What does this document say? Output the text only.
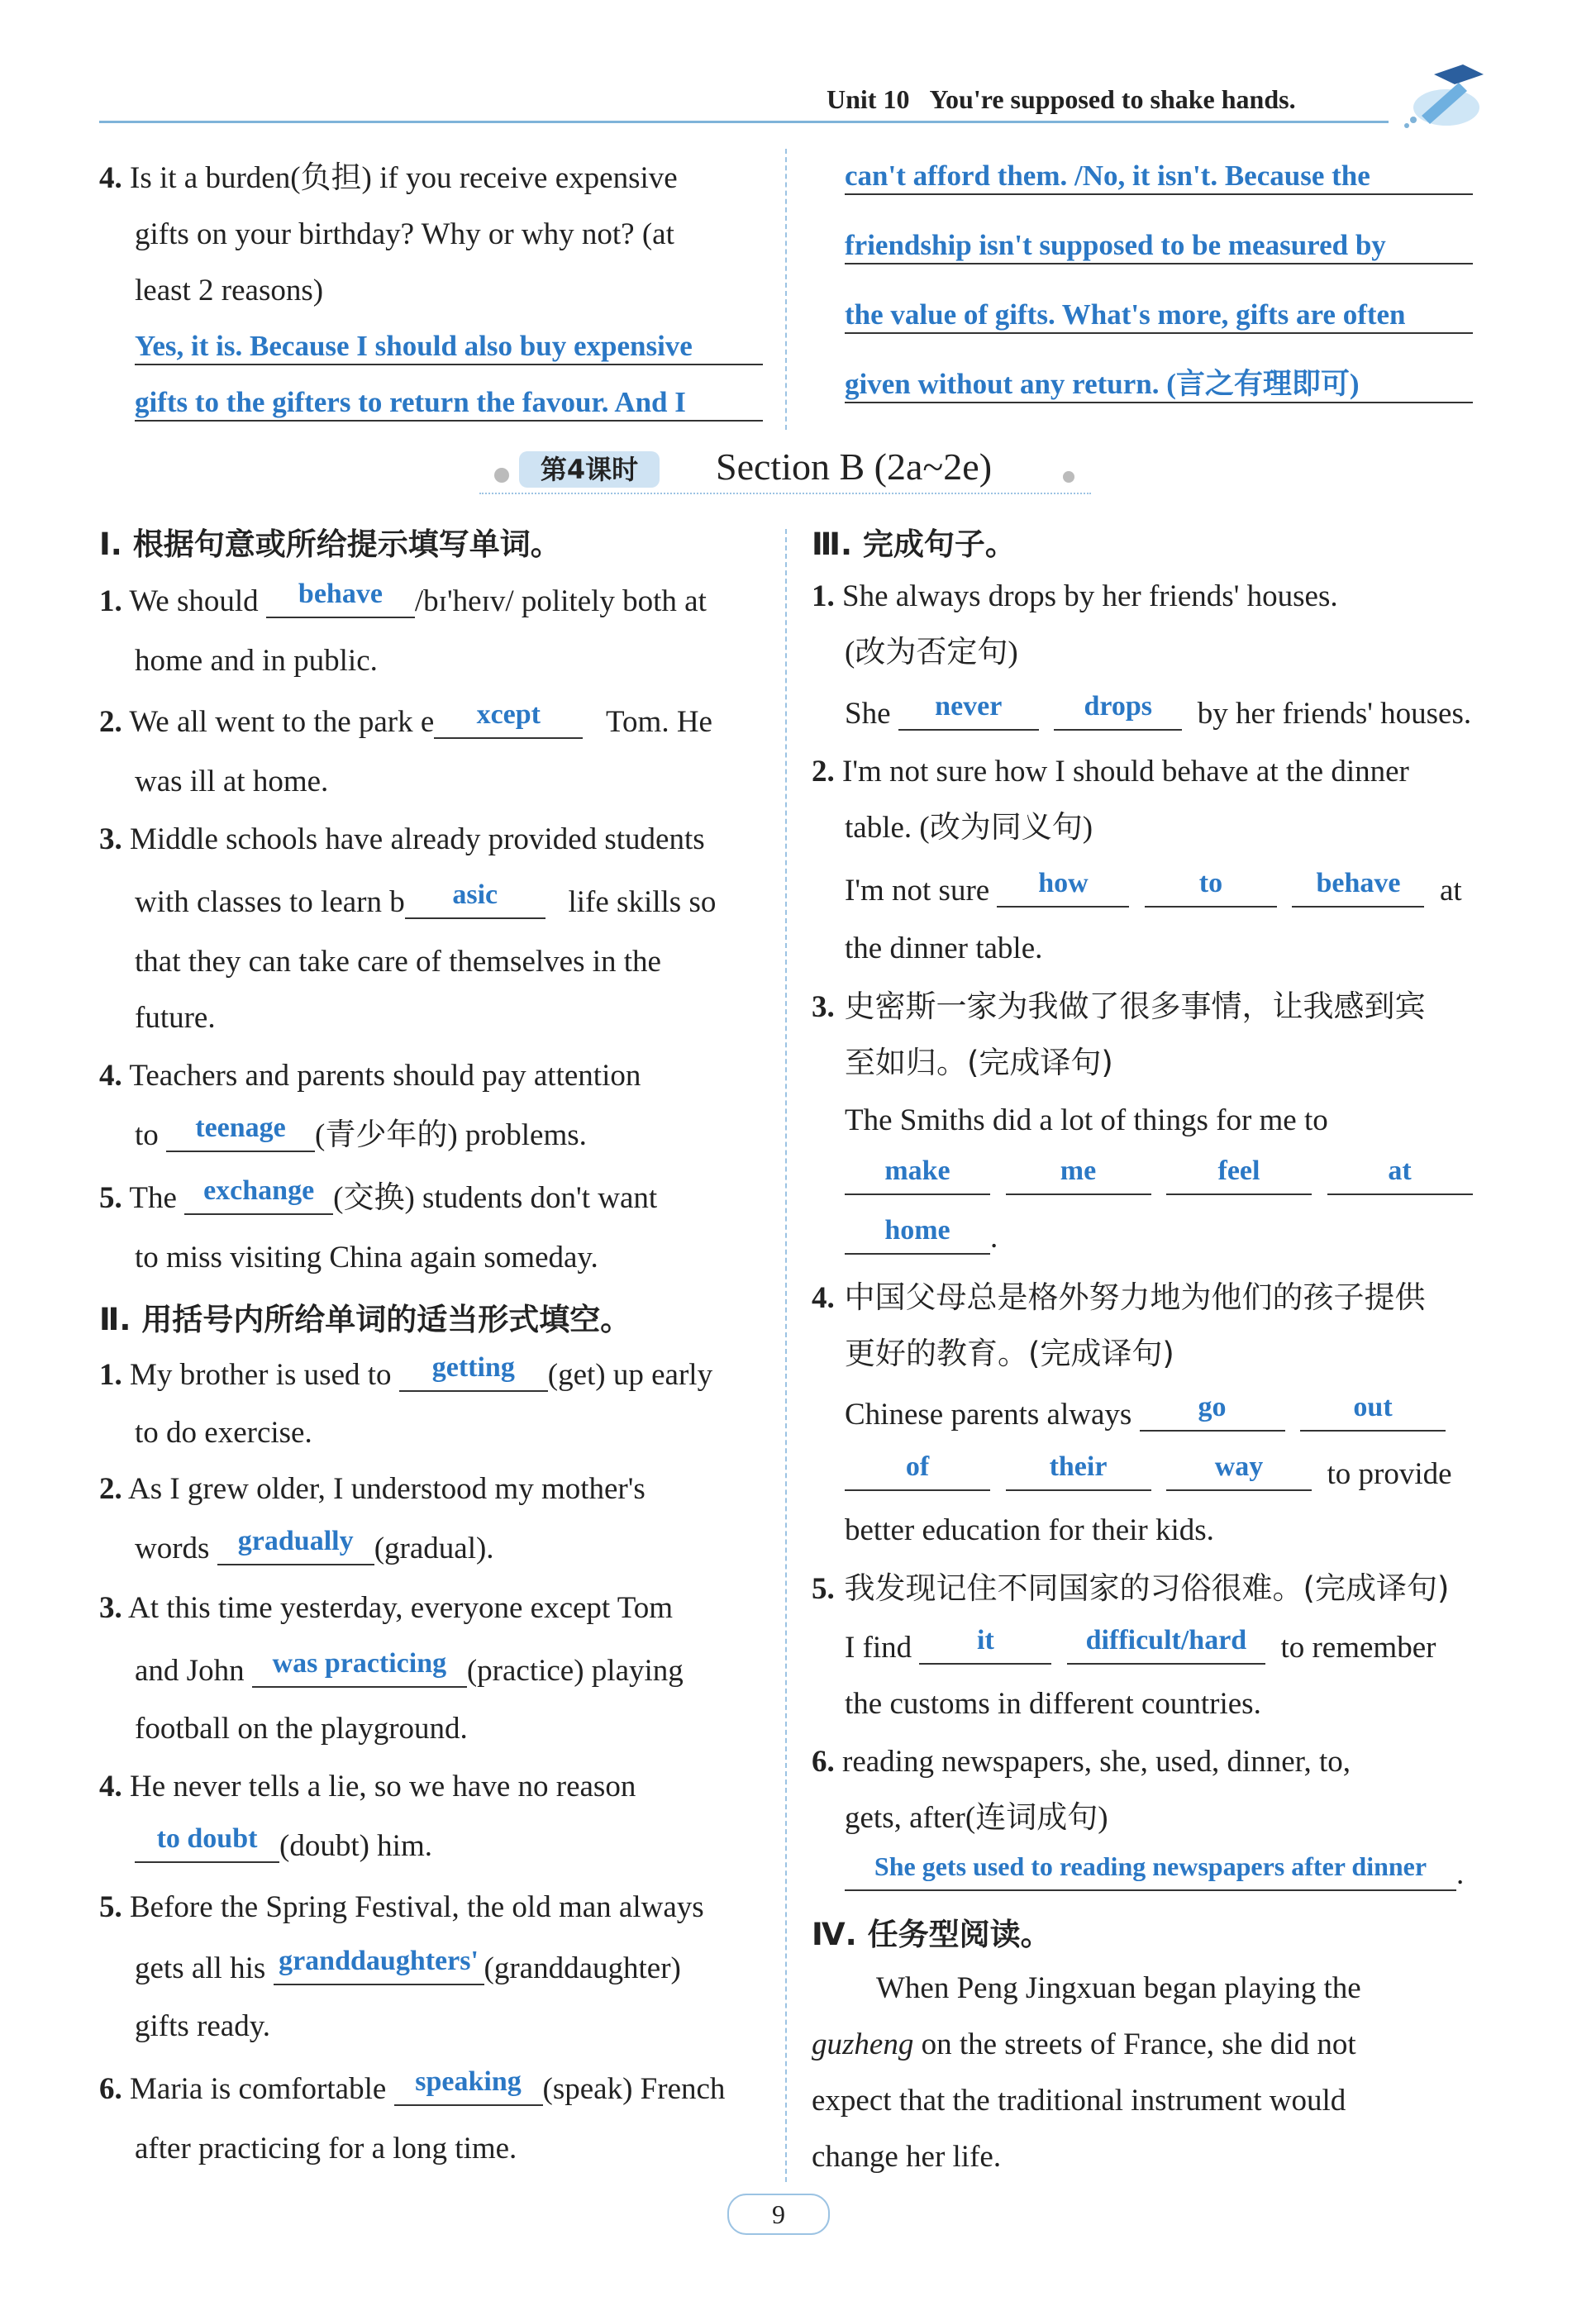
Unit 10 You're supposed to shake hands.
4. Is it a burden(负担) if you receive expensive
gifts on your birthday? Why or why not? (at
least 2 reasons)
Yes, it is. Because I should also buy expensive
gifts to the gifters to return the favour. And I
can't afford them. /No, it isn't. Because the
friendship isn't supposed to be measured by
the value of gifts. What's more, gifts are often
given without any return. (言之有理即可)
第4课时	Section B (2a~2e)
Ⅰ. 根据句意或所给提示填写单词。
1. We should behave /bɪ'heɪv/ politely both at
home and in public.
2. We all went to the park e xcept Tom. He
was ill at home.
3. Middle schools have already provided students
with classes to learn b asic life skills so
that they can take care of themselves in the
future.
4. Teachers and parents should pay attention
to teenage (青少年的) problems.
5. The exchange (交换) students don't want
to miss visiting China again someday.
Ⅱ. 用括号内所给单词的适当形式填空。
1. My brother is used to getting (get) up early
to do exercise.
2. As I grew older, I understood my mother's
words gradually (gradual).
3. At this time yesterday, everyone except Tom
and John was practicing (practice) playing
football on the playground.
4. He never tells a lie, so we have no reason
to doubt (doubt) him.
5. Before the Spring Festival, the old man always
gets all his granddaughters' (granddaughter)
gifts ready.
6. Maria is comfortable speaking (speak) French
after practicing for a long time.
Ⅲ. 完成句子。
1. She always drops by her friends' houses.
(改为否定句)
She never	drops by her friends' houses.
2. I'm not sure how I should behave at the dinner
table. (改为同义句)
I'm not sure how	to	behave at
the dinner table.
3. 史密斯一家为我做了很多事情，让我感到宾
至如归。(完成译句)
The Smiths did a lot of things for me to
make	me	feel	at
home .
4. 中国父母总是格外努力地为他们的孩子提供
更好的教育。(完成译句)
Chinese parents always go	out
of	their	way to provide
better education for their kids.
5. 我发现记住不同国家的习俗很难。(完成译句)
I find it	difficult/hard to remember
the customs in different countries.
6. reading newspapers, she, used, dinner, to,
gets, after(连词成句)
She gets used to reading newspapers after dinner .
Ⅳ. 任务型阅读。
When Peng Jingxuan began playing the
guzheng on the streets of France, she did not
expect that the traditional instrument would
change her life.
9
